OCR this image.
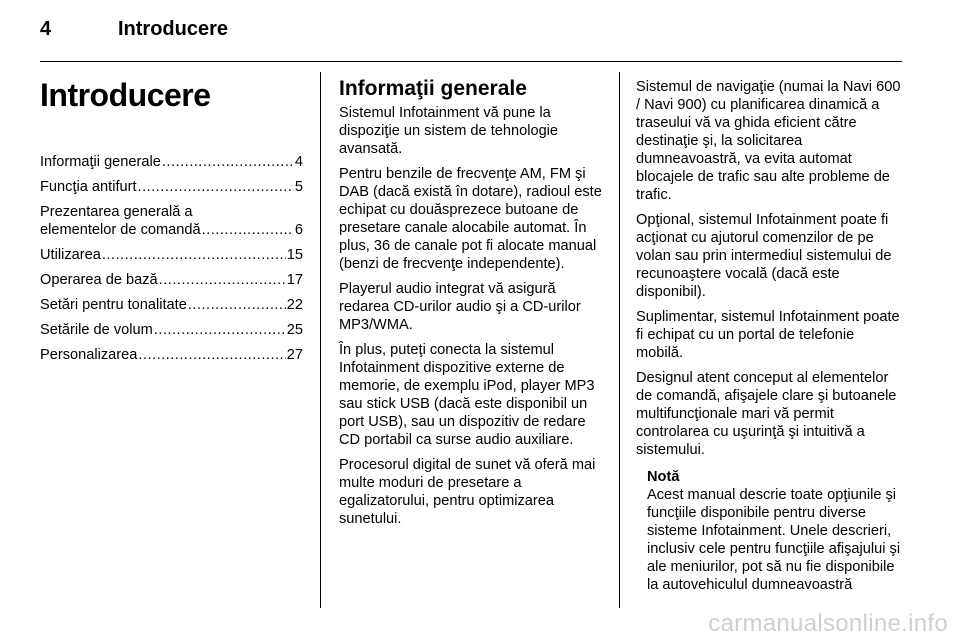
4	Introducere
Introducere
Informaţii generale .....	4
Funcţia antifurt .....	5
Prezentarea generală a
elementelor de comandă .....	6
Utilizarea .....	15
Operarea de bază .....	17
Setări pentru tonalitate .....	22
Setările de volum .....	25
Personalizarea .....	27
Informaţii generale

Sistemul Infotainment vă pune la dispoziţie un sistem de tehnologie avansată.

Pentru benzile de frecvenţe AM, FM şi DAB (dacă există în dotare), radioul este echipat cu douăsprezece butoane de presetare canale alocabile automat. În plus, 36 de canale pot fi alocate manual (benzi de frecvenţe independente).

Playerul audio integrat vă asigură redarea CD-urilor audio şi a CD-urilor MP3/WMA.

În plus, puteţi conecta la sistemul Infotainment dispozitive externe de memorie, de exemplu iPod, player MP3 sau stick USB (dacă este disponibil un port USB), sau un dispozitiv de redare CD portabil ca surse audio auxiliare.

Procesorul digital de sunet vă oferă mai multe moduri de presetare a egalizatorului, pentru optimizarea sunetului.

Sistemul de navigaţie (numai la Navi 600 / Navi 900) cu planificarea dinamică a traseului vă va ghida eficient către destinaţie şi, la solicitarea dumneavoastră, va evita automat blocajele de trafic sau alte probleme de trafic.

Opţional, sistemul Infotainment poate fi acţionat cu ajutorul comenzilor de pe volan sau prin intermediul sistemului de recunoaştere vocală (dacă este disponibil).

Suplimentar, sistemul Infotainment poate fi echipat cu un portal de telefonie mobilă.

Designul atent conceput al elementelor de comandă, afişajele clare şi butoanele multifuncţionale mari vă permit controlarea cu uşurinţă şi intuitivă a sistemului.

Notă
Acest manual descrie toate opţiunile şi funcţiile disponibile pentru diverse sisteme Infotainment. Unele descrieri, inclusiv cele pentru funcţiile afişajului şi ale meniurilor, pot să nu fie disponibile la autovehiculul dumneavoastră
carmanualsonline.info
